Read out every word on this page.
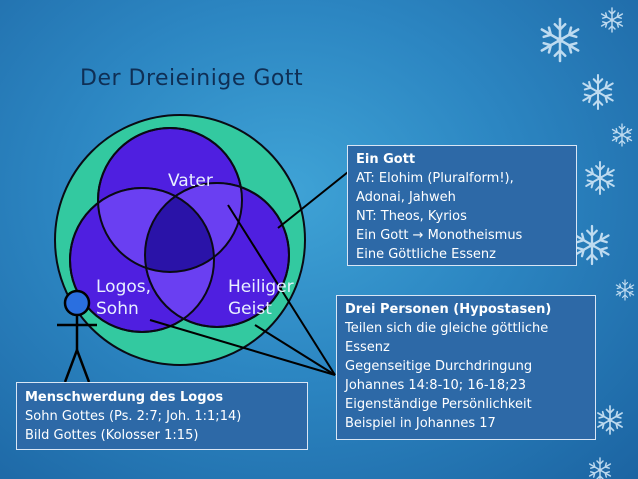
Der Dreieinige Gott
Vater
Logos,
Sohn
Heiliger
Geist
Ein Gott
AT: Elohim (Pluralform!),
Adonai, Jahweh
NT: Theos, Kyrios
Ein Gott → Monotheismus
Eine Göttliche Essenz
Drei Personen (Hypostasen)
Teilen sich die gleiche göttliche
Essenz
Gegenseitige Durchdringung
Johannes 14:8-10; 16-18;23
Eigenständige Persönlichkeit
Beispiel in Johannes 17
Menschwerdung des Logos
Sohn Gottes (Ps. 2:7; Joh. 1:1;14)
Bild Gottes (Kolosser 1:15)
